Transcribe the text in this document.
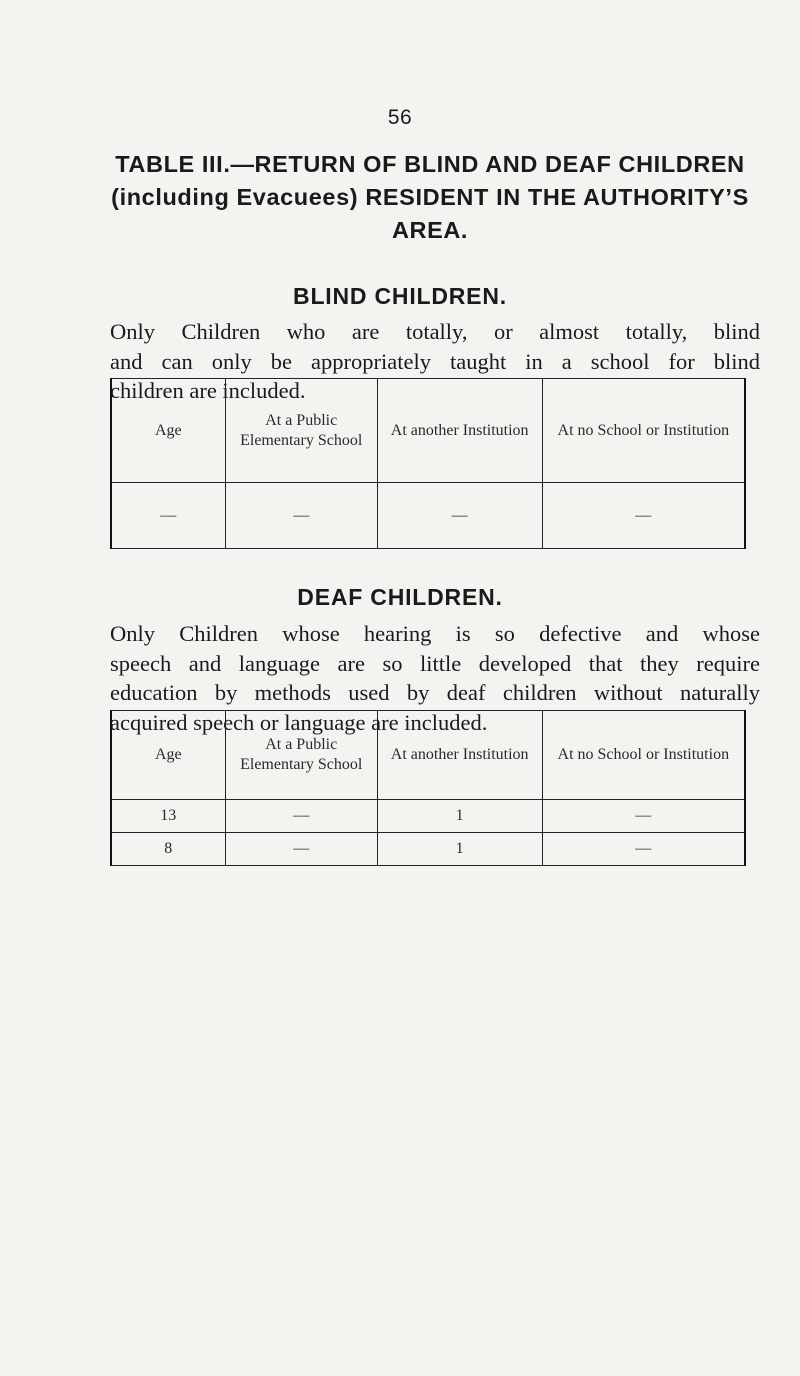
56
TABLE III.—RETURN OF BLIND AND DEAF CHILDREN
(including Evacuees) RESIDENT IN THE AUTHORITY’S
AREA.
BLIND CHILDREN.
Only Children who are totally, or almost totally, blind
and can only be appropriately taught in a school for blind
children are included.
Age	At a Public Elementary School	At another Institution	At no School or Institution
—	—	—	—
DEAF CHILDREN.
Only Children whose hearing is so defective and whose
speech and language are so little developed that they require
education by methods used by deaf children without naturally
acquired speech or language are included.
Age	At a Public Elementary School	At another Institution	At no School or Institution
13	—	1	—
8	—	1	—
